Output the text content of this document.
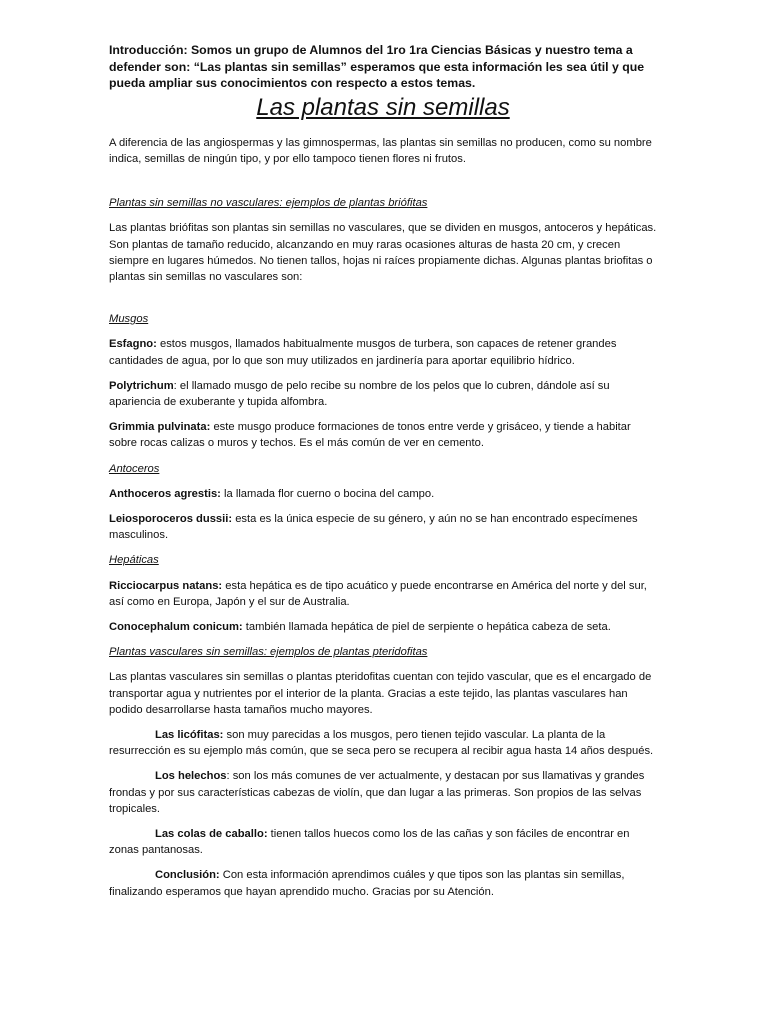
Introducción: Somos un grupo de Alumnos del 1ro 1ra Ciencias Básicas y nuestro tema a defender son: “Las plantas sin semillas” esperamos que esta información les sea útil y que pueda ampliar sus conocimientos con respecto a estos temas.

Las plantas sin semillas

A diferencia de las angiospermas y las gimnospermas, las plantas sin semillas no producen, como su nombre indica, semillas de ningún tipo, y por ello tampoco tienen flores ni frutos.

Plantas sin semillas no vasculares: ejemplos de plantas briófitas

Las plantas briófitas son plantas sin semillas no vasculares, que se dividen en musgos, antoceros y hepáticas. Son plantas de tamaño reducido, alcanzando en muy raras ocasiones alturas de hasta 20 cm, y crecen siempre en lugares húmedos. No tienen tallos, hojas ni raíces propiamente dichas. Algunas plantas briofitas o plantas sin semillas no vasculares son:

Musgos

Esfagno: estos musgos, llamados habitualmente musgos de turbera, son capaces de retener grandes cantidades de agua, por lo que son muy utilizados en jardinería para aportar equilibrio hídrico.

Polytrichum: el llamado musgo de pelo recibe su nombre de los pelos que lo cubren, dándole así su apariencia de exuberante y tupida alfombra.

Grimmia pulvinata: este musgo produce formaciones de tonos entre verde y grisáceo, y tiende a habitar sobre rocas calizas o muros y techos. Es el más común de ver en cemento.

Antoceros

Anthoceros agrestis: la llamada flor cuerno o bocina del campo.

Leiosporoceros dussii: esta es la única especie de su género, y aún no se han encontrado especímenes masculinos.

Hepáticas

Ricciocarpus natans: esta hepática es de tipo acuático y puede encontrarse en América del norte y del sur, así como en Europa, Japón y el sur de Australia.

Conocephalum conicum: también llamada hepática de piel de serpiente o hepática cabeza de seta.

Plantas vasculares sin semillas: ejemplos de plantas pteridofitas

Las plantas vasculares sin semillas o plantas pteridofitas cuentan con tejido vascular, que es el encargado de transportar agua y nutrientes por el interior de la planta. Gracias a este tejido, las plantas vasculares han podido desarrollarse hasta tamaños mucho mayores.

Las licófitas: son muy parecidas a los musgos, pero tienen tejido vascular. La planta de la resurrección es su ejemplo más común, que se seca pero se recupera al recibir agua hasta 14 años después.

Los helechos: son los más comunes de ver actualmente, y destacan por sus llamativas y grandes frondas y por sus características cabezas de violín, que dan lugar a las primeras. Son propios de las selvas tropicales.

Las colas de caballo: tienen tallos huecos como los de las cañas y son fáciles de encontrar en zonas pantanosas.

Conclusión: Con esta información aprendimos cuáles y que tipos son las plantas sin semillas, finalizando esperamos que hayan aprendido mucho. Gracias por su Atención.
